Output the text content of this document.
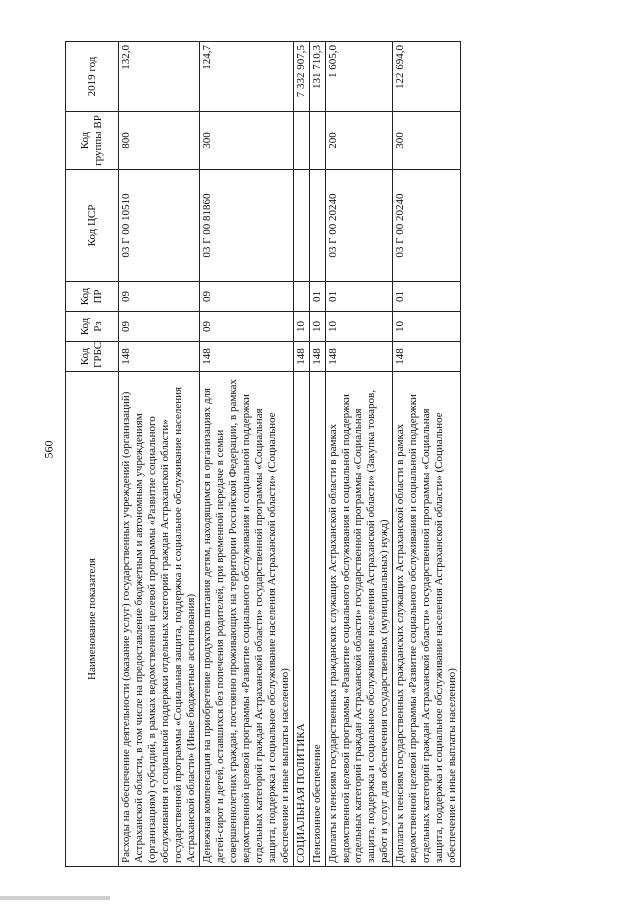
560
Наименование показателя	Код ГРБС	Код Рз	Код ПР	Код ЦСР	Код группы ВР	2019 год
Расходы на обеспечение деятельности (оказание услуг) государственных учреждений (организаций) Астраханской области, в том числе на предоставление бюджетным и автономным учреждениям (организациям) субсидий, в рамках ведомственной целевой программы «Развитие социального обслуживания и социальной поддержки отдельных категорий граждан Астраханской области» государственной программы «Социальная защита, поддержка и социальное обслуживание населения Астраханской области» (Иные бюджетные ассигнования)	148	09	09	03 Г 00 10510	800	132,0
Денежная компенсация на приобретение продуктов питания детям, находящимся в организациях для детей-сирот и детей, оставшихся без попечения родителей, при временной передаче в семьи совершеннолетних граждан, постоянно проживающих на территории Российской Федерации, в рамках ведомственной целевой программы «Развитие социального обслуживания и социальной поддержки отдельных категорий граждан Астраханской области» государственной программы «Социальная защита, поддержка и социальное обслуживание населения Астраханской области» (Социальное обеспечение и иные выплаты населению)	148	09	09	03 Г 00 81860	300	124,7
СОЦИАЛЬНАЯ ПОЛИТИКА	148	10				7 332 907,5
Пенсионное обеспечение	148	10	01			131 710,3
Доплаты к пенсиям государственных гражданских служащих Астраханской области в рамках ведомственной целевой программы «Развитие социального обслуживания и социальной поддержки отдельных категорий граждан Астраханской области» государственной программы «Социальная защита, поддержка и социальное обслуживание населения Астраханской области» (Закупка товаров, работ и услуг для обеспечения государственных (муниципальных) нужд)	148	10	01	03 Г 00 20240	200	1 605,0
Доплаты к пенсиям государственных гражданских служащих Астраханской области в рамках ведомственной целевой программы «Развитие социального обслуживания и социальной поддержки отдельных категорий граждан Астраханской области» государственной программы «Социальная защита, поддержка и социальное обслуживание населения Астраханской области» (Социальное обеспечение и иные выплаты населению)	148	10	01	03 Г 00 20240	300	122 694,0
